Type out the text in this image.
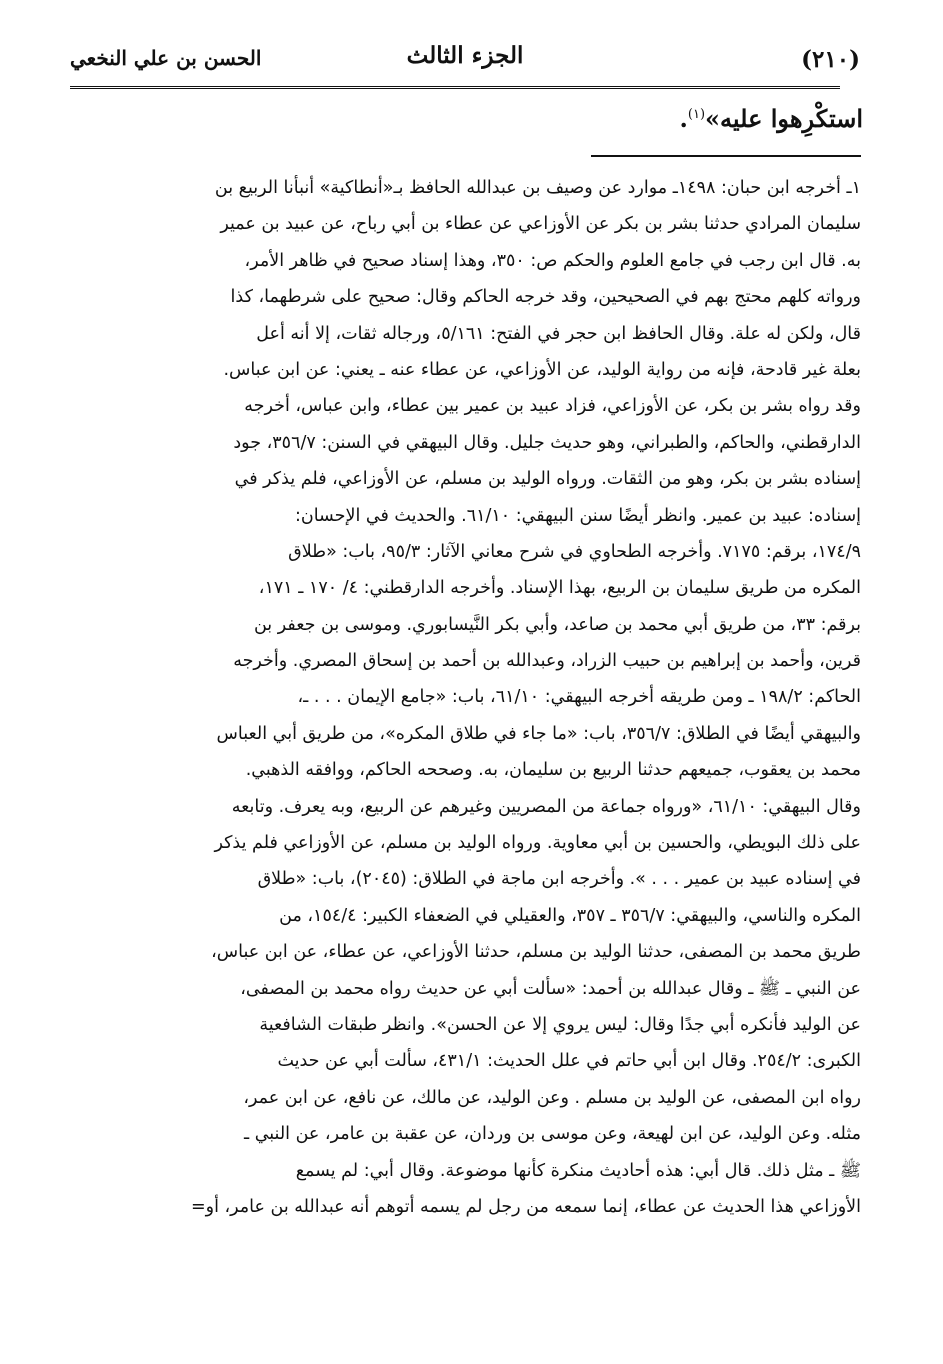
(٢١٠)
الجزء الثالث
الحسن بن علي النخعي
استكْرِهوا عليه»$^{(١)}$.
١ـ أخرجه ابن حبان: ١٤٩٨ـ موارد عن وصيف بن عبدالله الحافظ بـ«أنطاكية» أنبأنا الربيع بن
سليمان المرادي حدثنا بشر بن بكر عن الأوزاعي عن عطاء بن أبي رباح، عن عبيد بن عمير
به. قال ابن رجب في جامع العلوم والحكم ص: ٣٥٠، وهذا إسناد صحيح في ظاهر الأمر،
ورواته كلهم محتج بهم في الصحيحين، وقد خرجه الحاكم وقال: صحيح على شرطهما، كذا
قال، ولكن له علة. وقال الحافظ ابن حجر في الفتح: ٥/١٦١، ورجاله ثقات، إلا أنه أعل
بعلة غير قادحة، فإنه من رواية الوليد، عن الأوزاعي، عن عطاء عنه ـ يعني: عن ابن عباس.
وقد رواه بشر بن بكر، عن الأوزاعي، فزاد عبيد بن عمير بين عطاء، وابن عباس، أخرجه
الدارقطني، والحاكم، والطبراني، وهو حديث جليل. وقال البيهقي في السنن: ٣٥٦/٧، جود
إسناده بشر بن بكر، وهو من الثقات. ورواه الوليد بن مسلم، عن الأوزاعي، فلم يذكر في
إسناده: عبيد بن عمير. وانظر أيضًا سنن البيهقي: ٦١/١٠. والحديث في الإحسان:
١٧٤/٩، برقم: ٧١٧٥. وأخرجه الطحاوي في شرح معاني الآثار: ٩٥/٣، باب: «طلاق
المكره من طريق سليمان بن الربيع، بهذا الإسناد. وأخرجه الدارقطني: ٤/ ١٧٠ ـ ١٧١،
برقم: ٣٣، من طريق أبي محمد بن صاعد، وأبي بكر النَّيسابوري. وموسى بن جعفر بن
قرين، وأحمد بن إبراهيم بن حبيب الزراد، وعبدالله بن أحمد بن إسحاق المصري. وأخرجه
الحاكم: ١٩٨/٢ ـ ومن طريقه أخرجه البيهقي: ٦١/١٠، باب: «جامع الإيمان . . . ـ،
والبيهقي أيضًا في الطلاق: ٣٥٦/٧، باب: «ما جاء في طلاق المكره»، من طريق أبي العباس
محمد بن يعقوب، جميعهم حدثنا الربيع بن سليمان، به. وصححه الحاكم، ووافقه الذهبي.
وقال البيهقي: ٦١/١٠، «ورواه جماعة من المصريين وغيرهم عن الربيع، وبه يعرف. وتابعه
على ذلك البويطي، والحسين بن أبي معاوية. ورواه الوليد بن مسلم، عن الأوزاعي فلم يذكر
في إسناده عبيد بن عمير . . . ». وأخرجه ابن ماجة في الطلاق: (٢٠٤٥)، باب: «طلاق
المكره والناسي، والبيهقي: ٣٥٦/٧ ـ ٣٥٧، والعقيلي في الضعفاء الكبير: ١٥٤/٤، من
طريق محمد بن المصفى، حدثنا الوليد بن مسلم، حدثنا الأوزاعي، عن عطاء، عن ابن عباس،
عن النبي ـ ﷺ ـ وقال عبدالله بن أحمد: «سألت أبي عن حديث رواه محمد بن المصفى،
عن الوليد فأنكره أبي جدًا وقال: ليس يروي إلا عن الحسن». وانظر طبقات الشافعية
الكبرى: ٢٥٤/٢. وقال ابن أبي حاتم في علل الحديث: ٤٣١/١، سألت أبي عن حديث
رواه ابن المصفى، عن الوليد بن مسلم . وعن الوليد، عن مالك، عن نافع، عن ابن عمر،
مثله. وعن الوليد، عن ابن لهيعة، وعن موسى بن وردان، عن عقبة بن عامر، عن النبي ـ
ﷺ ـ مثل ذلك. قال أبي: هذه أحاديث منكرة كأنها موضوعة. وقال أبي: لم يسمع
الأوزاعي هذا الحديث عن عطاء، إنما سمعه من رجل لم يسمه أتوهم أنه عبدالله بن عامر، أو=
